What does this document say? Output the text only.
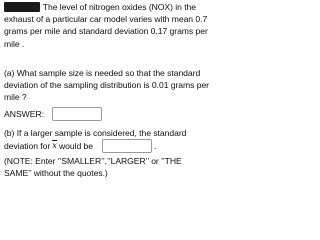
The level of nitrogen oxides (NOX) in the
exhaust of a particular car model varies with mean 0.7
grams per mile and standard deviation 0.17 grams per
mile .
(a) What sample size is needed so that the standard
deviation of the sampling distribution is 0.01 grams per
mile ?
ANSWER:
(b) If a larger sample is considered, the standard
deviation for $\overline{x}$ would be	.
(NOTE: Enter ’’SMALLER’’,’’LARGER’’ or ’’THE
SAME’’ without the quotes.)
